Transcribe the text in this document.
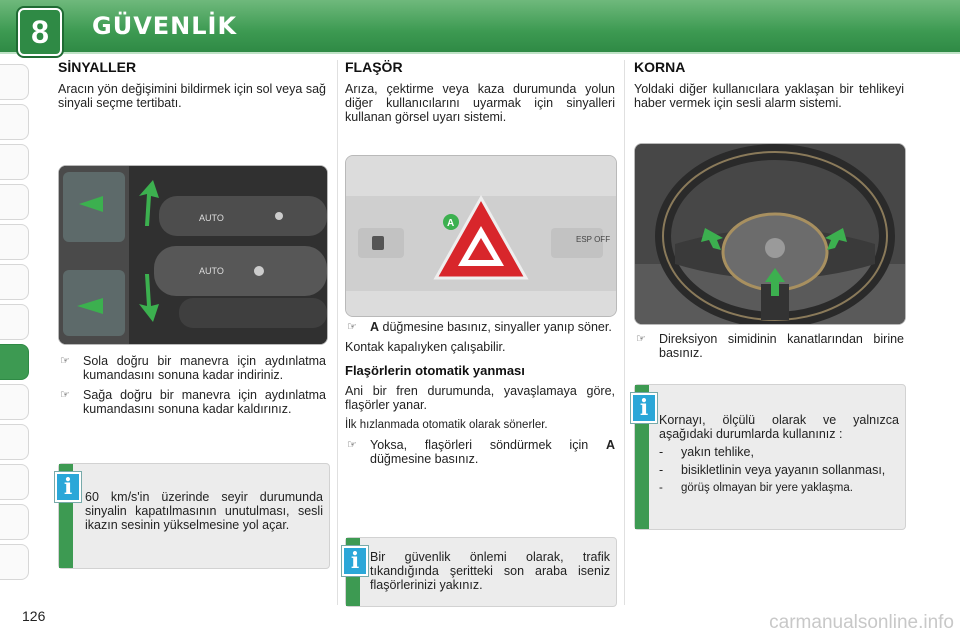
8	GÜVENLİK
SİNYALLER

Aracın yön değişimini bildirmek için sol veya sağ sinyali seçme tertibatı.

AUTO
AUTO
☞ Sola doğru bir manevra için aydınlatma kumandasını sonuna kadar indiriniz.
☞ Sağa doğru bir manevra için aydınlatma kumandasını sonuna kadar kaldırınız.
i	60 km/s'in üzerinde seyir durumunda sinyalin kapatılmasının unutulması, sesli ikazın sesinin yükselmesine yol açar.
FLAŞÖR

Arıza, çektirme veya kaza durumunda yolun diğer kullanıcılarını uyarmak için sinyalleri kullanan görsel uyarı sistemi.

ESP OFF
A
☞ A düğmesine basınız, sinyaller yanıp söner.

Kontak kapalıyken çalışabilir.

Flaşörlerin otomatik yanması

Ani bir fren durumunda, yavaşlamaya göre, flaşörler yanar.

İlk hızlanmada otomatik olarak sönerler.

☞ Yoksa, flaşörleri söndürmek için A düğmesine basınız.
i Bir güvenlik önlemi olarak, trafik tıkandığında şeritteki son araba iseniz flaşörlerinizi yakınız.
KORNA

Yoldaki diğer kullanıcılara yaklaşan bir tehlikeyi haber vermek için sesli alarm sistemi.

☞ Direksiyon simidinin kanatlarından birine basınız.
i Kornayı, ölçülü olarak ve yalnızca aşağıdaki durumlarda kullanınız :
- yakın tehlike,
- bisikletlinin veya yayanın sollanması,
- görüş olmayan bir yere yaklaşma.
126	carmanualsonline.info
